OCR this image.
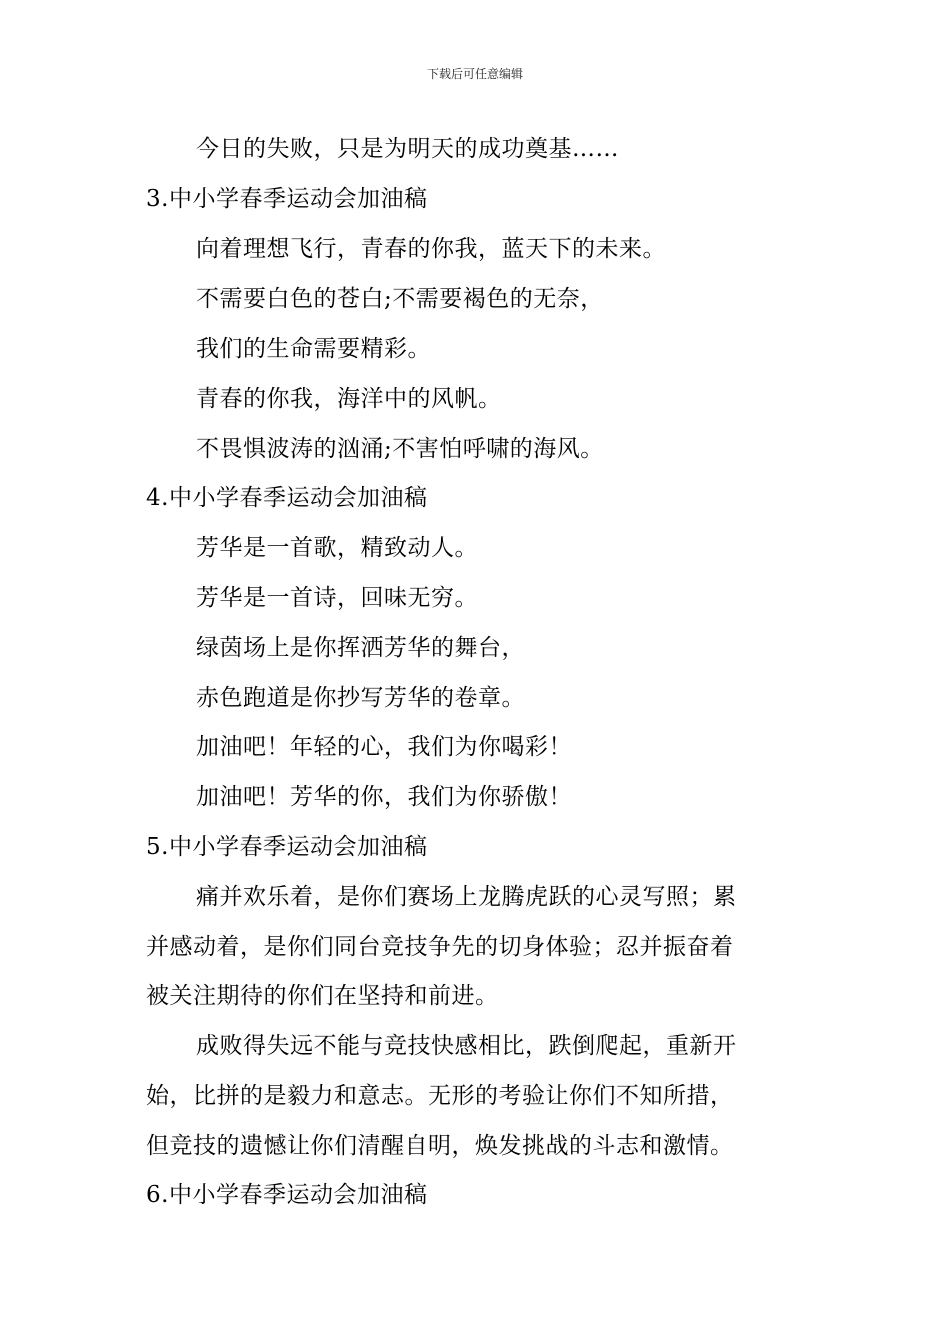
下载后可任意编辑
今日的失败，只是为明天的成功奠基……
3.中小学春季运动会加油稿
向着理想飞行，青春的你我，蓝天下的未来。
不需要白色的苍白;不需要褐色的无奈，
我们的生命需要精彩。
青春的你我，海洋中的风帆。
不畏惧波涛的汹涌;不害怕呼啸的海风。
4.中小学春季运动会加油稿
芳华是一首歌，精致动人。
芳华是一首诗，回味无穷。
绿茵场上是你挥洒芳华的舞台，
赤色跑道是你抄写芳华的卷章。
加油吧！年轻的心，我们为你喝彩！
加油吧！芳华的你，我们为你骄傲！
5.中小学春季运动会加油稿
痛并欢乐着，是你们赛场上龙腾虎跃的心灵写照；累
并感动着，是你们同台竞技争先的切身体验；忍并振奋着
被关注期待的你们在坚持和前进。
成败得失远不能与竞技快感相比，跌倒爬起，重新开
始，比拼的是毅力和意志。无形的考验让你们不知所措，
但竞技的遗憾让你们清醒自明，焕发挑战的斗志和激情。
6.中小学春季运动会加油稿
